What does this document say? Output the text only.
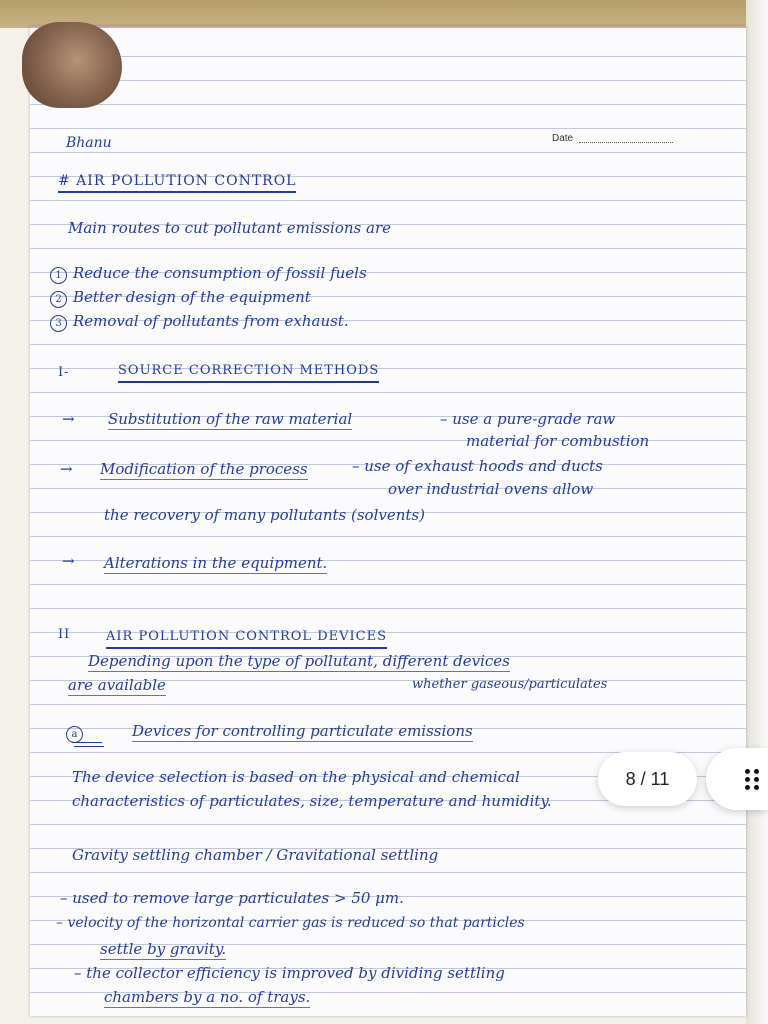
Date
Bhanu
# AIR POLLUTION CONTROL
Main routes to cut pollutant emissions are
1 Reduce the consumption of fossil fuels
2 Better design of the equipment
3 Removal of pollutants from exhaust.
I-	SOURCE CORRECTION METHODS
→ Substitution of the raw material	– use a pure-grade raw
material for combustion
→ Modification of the process	– use of exhaust hoods and ducts
over industrial ovens allow
the recovery of many pollutants (solvents)
→ Alterations in the equipment.
II	AIR POLLUTION CONTROL DEVICES
Depending upon the type of pollutant, different devices
are available	whether gaseous/particulates
a	Devices for controlling particulate emissions
The device selection is based on the physical and chemical
characteristics of particulates, size, temperature and humidity.
Gravity settling chamber / Gravitational settling
– used to remove large particulates > 50 μm.
– velocity of the horizontal carrier gas is reduced so that particles
settle by gravity.
– the collector efficiency is improved by dividing settling
chambers by a no. of trays.
8 / 11
